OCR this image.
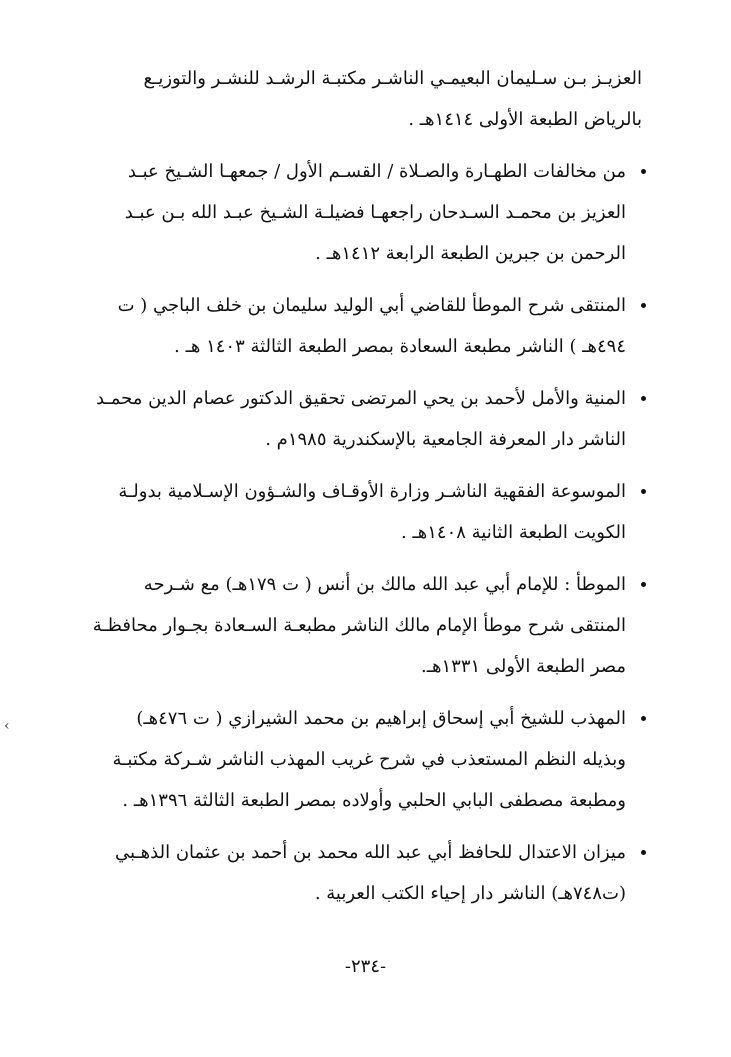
العزيـز بـن سـليمان البعيمـي الناشـر مكتبـة الرشـد للنشـر والتوزيـع
بالرياض الطبعة الأولى ١٤١٤هـ .
من مخالفات الطهـارة والصـلاة / القسـم الأول / جمعهـا الشـيخ عبـد
العزيز بن محمـد السـدحان راجعهـا فضيلـة الشـيخ عبـد الله بـن عبـد
الرحمن بن جبرين الطبعة الرابعة ١٤١٢هـ .
المنتقى شرح الموطأ للقاضي أبي الوليد سليمان بن خلف الباجي ( ت
٤٩٤هـ ) الناشر مطبعة السعادة بمصر الطبعة الثالثة ١٤٠٣ هـ .
المنية والأمل لأحمد بن يحي المرتضى تحقيق الدكتور عصام الدين محمـد
الناشر دار المعرفة الجامعية بالإسكندرية ١٩٨٥م .
الموسوعة الفقهية الناشـر وزارة الأوقـاف والشـؤون الإسـلامية بدولـة
الكويت الطبعة الثانية ١٤٠٨هـ .
الموطأ : للإمام أبي عبد الله مالك بن أنس ( ت ١٧٩هـ) مع شـرحه
المنتقى شرح موطأ الإمام مالك الناشر مطبعـة السـعادة بجـوار محافظـة
مصر الطبعة الأولى ١٣٣١هـ.
المهذب للشيخ أبي إسحاق إبراهيم بن محمد الشيرازي ( ت ٤٧٦هـ)
وبذيله النظم المستعذب في شرح غريب المهذب الناشر شـركة مكتبـة
ومطبعة مصطفى البابي الحلبي وأولاده بمصر الطبعة الثالثة ١٣٩٦هـ .
ميزان الاعتدال للحافظ أبي عبد الله محمد بن أحمد بن عثمان الذهـبي
(ت٧٤٨هـ) الناشر دار إحياء الكتب العربية .
‹
-٢٣٤-
